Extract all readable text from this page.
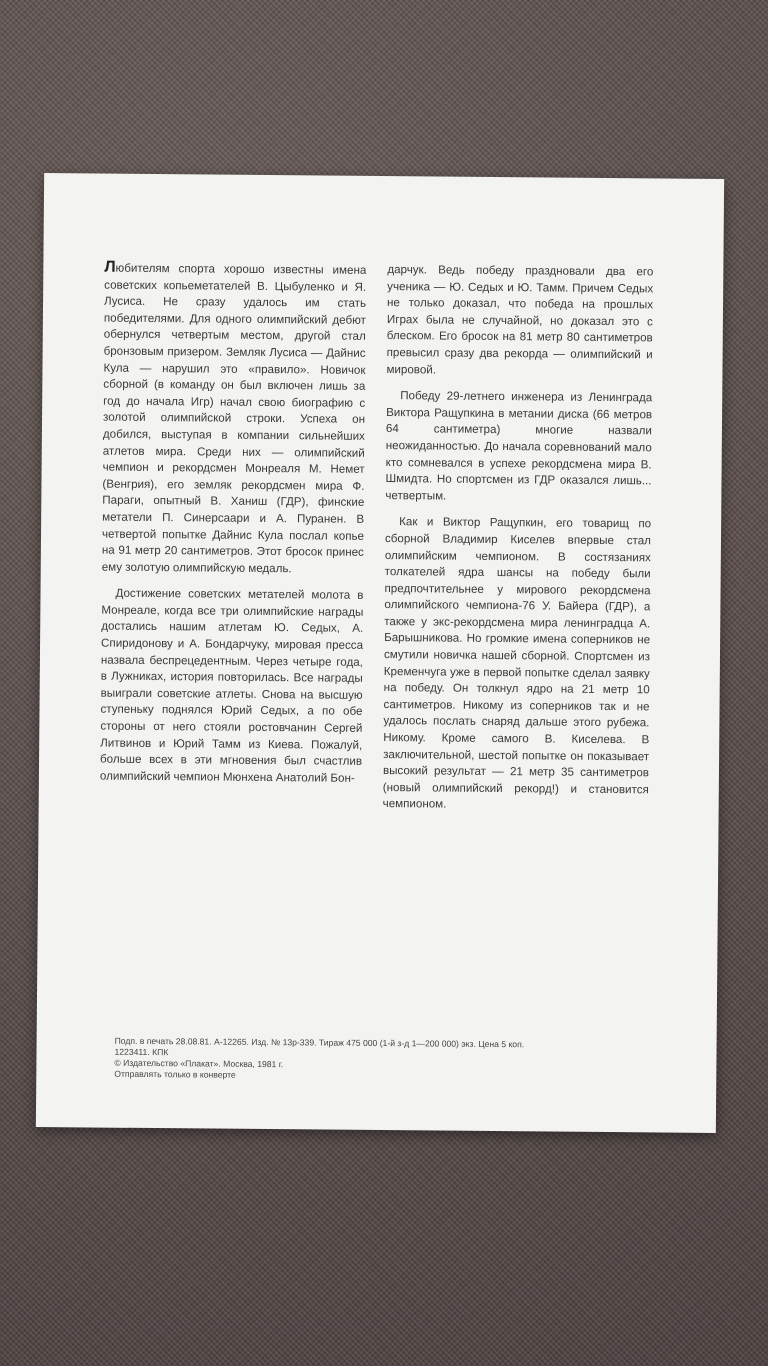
Любителям спорта хорошо известны имена советских копьеметателей В. Цыбуленко и Я. Лусиса. Не сразу удалось им стать победителями. Для одного олимпийский дебют обернулся четвертым местом, другой стал бронзовым призером. Земляк Лусиса — Дайнис Кула — нарушил это «правило». Новичок сборной (в команду он был включен лишь за год до начала Игр) начал свою биографию с золотой олимпийской строки. Успеха он добился, выступая в компании сильнейших атлетов мира. Среди них — олимпийский чемпион и рекордсмен Монреаля М. Немет (Венгрия), его земляк рекордсмен мира Ф. Параги, опытный В. Ханиш (ГДР), финские метатели П. Синерсаари и А. Пуранен. В четвертой попытке Дайнис Кула послал копье на 91 метр 20 сантиметров. Этот бросок принес ему золотую олимпийскую медаль.

Достижение советских метателей молота в Монреале, когда все три олимпийские награды достались нашим атлетам Ю. Седых, А. Спиридонову и А. Бондарчуку, мировая пресса назвала беспрецедентным. Через четыре года, в Лужниках, история повторилась. Все награды выиграли советские атлеты. Снова на высшую ступеньку поднялся Юрий Седых, а по обе стороны от него стояли ростовчанин Сергей Литвинов и Юрий Тамм из Киева. Пожалуй, больше всех в эти мгновения был счастлив олимпийский чемпион Мюнхена Анатолий Бон-

дарчук. Ведь победу праздновали два его ученика — Ю. Седых и Ю. Тамм. Причем Седых не только доказал, что победа на прошлых Играх была не случайной, но доказал это с блеском. Его бросок на 81 метр 80 сантиметров превысил сразу два рекорда — олимпийский и мировой.

Победу 29-летнего инженера из Ленинграда Виктора Ращупкина в метании диска (66 метров 64 сантиметра) многие назвали неожиданностью. До начала соревнований мало кто сомневался в успехе рекордсмена мира В. Шмидта. Но спортсмен из ГДР оказался лишь... четвертым.

Как и Виктор Ращупкин, его товарищ по сборной Владимир Киселев впервые стал олимпийским чемпионом. В состязаниях толкателей ядра шансы на победу были предпочтительнее у мирового рекордсмена олимпийского чемпиона-76 У. Байера (ГДР), а также у экс-рекордсмена мира ленинградца А. Барышникова. Но громкие имена соперников не смутили новичка нашей сборной. Спортсмен из Кременчуга уже в первой попытке сделал заявку на победу. Он толкнул ядро на 21 метр 10 сантиметров. Никому из соперников так и не удалось послать снаряд дальше этого рубежа. Никому. Кроме самого В. Киселева. В заключительной, шестой попытке он показывает высокий результат — 21 метр 35 сантиметров (новый олимпийский рекорд!) и становится чемпионом.

Подп. в печать 28.08.81. А-12265. Изд. № 13р-339. Тираж 475 000 (1-й з-д 1—200 000) экз. Цена 5 коп.
1223411. КПК
© Издательство «Плакат». Москва, 1981 г.
Отправлять только в конверте
